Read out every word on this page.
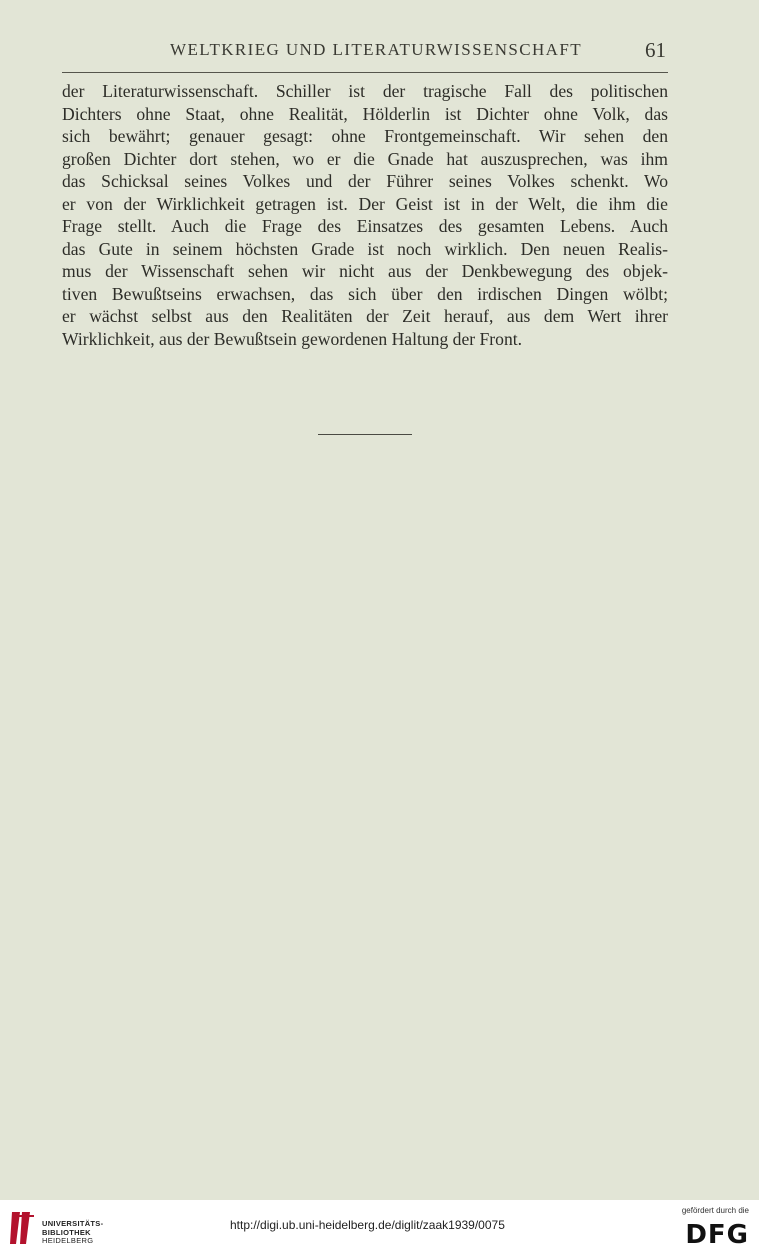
WELTKRIEG UND LITERATURWISSENSCHAFT	61
der Literaturwissenschaft. Schiller ist der tragische Fall des politischen
Dichters ohne Staat, ohne Realität, Hölderlin ist Dichter ohne Volk, das
sich bewährt; genauer gesagt: ohne Frontgemeinschaft. Wir sehen den
großen Dichter dort stehen, wo er die Gnade hat auszusprechen, was ihm
das Schicksal seines Volkes und der Führer seines Volkes schenkt. Wo
er von der Wirklichkeit getragen ist. Der Geist ist in der Welt, die ihm die
Frage stellt. Auch die Frage des Einsatzes des gesamten Lebens. Auch
das Gute in seinem höchsten Grade ist noch wirklich. Den neuen Realis-
mus der Wissenschaft sehen wir nicht aus der Denkbewegung des objek-
tiven Bewußtseins erwachsen, das sich über den irdischen Dingen wölbt;
er wächst selbst aus den Realitäten der Zeit herauf, aus dem Wert ihrer
Wirklichkeit, aus der Bewußtsein gewordenen Haltung der Front.
UNIVERSITÄTS-
BIBLIOTHEK
HEIDELBERG
http://digi.ub.uni-heidelberg.de/diglit/zaak1939/0075
gefördert durch die
DFG
